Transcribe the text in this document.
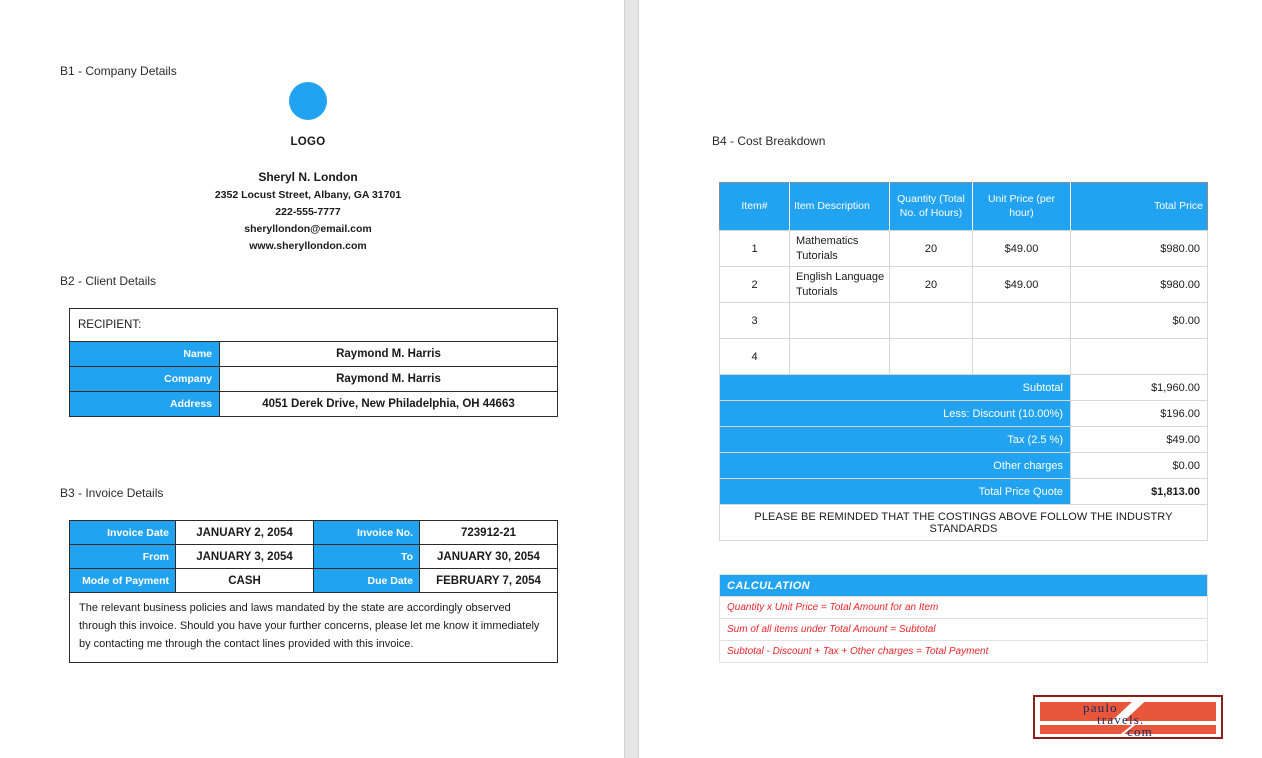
B1 - Company Details
LOGO
Sheryl N. London
2352 Locust Street, Albany, GA 31701
222-555-7777
sheryllondon@email.com
www.sheryllondon.com
B2 - Client Details
RECIPIENT:	
Name	Raymond M. Harris
Company	Raymond M. Harris
Address	4051 Derek Drive, New Philadelphia, OH 44663
B3 - Invoice Details
Invoice Date	JANUARY 2, 2054	Invoice No.	723912-21
From	JANUARY 3, 2054	To	JANUARY 30, 2054
Mode of Payment	CASH	Due Date	FEBRUARY 7, 2054
The relevant business policies and laws mandated by the state are accordingly observed through this invoice. Should you have your further concerns, please let me know it immediately by contacting me through the contact lines provided with this invoice.			
B4 - Cost Breakdown
Item#	Item Description	Quantity (Total No. of Hours)	Unit Price (per hour)	Total Price
1	Mathematics Tutorials	20	$49.00	$980.00
2	English Language Tutorials	20	$49.00	$980.00
3				$0.00
4				
Subtotal				$1,960.00
Less: Discount (10.00%)				$196.00
Tax (2.5 %)				$49.00
Other charges				$0.00
Total Price Quote				$1,813.00
PLEASE BE REMINDED THAT THE COSTINGS ABOVE FOLLOW THE INDUSTRY STANDARDS				
CALCULATION
Quantity x Unit Price = Total Amount for an Item
Sum of all items under Total Amount = Subtotal
Subtotal - Discount + Tax + Other charges = Total Payment
paulo
travels.
com
